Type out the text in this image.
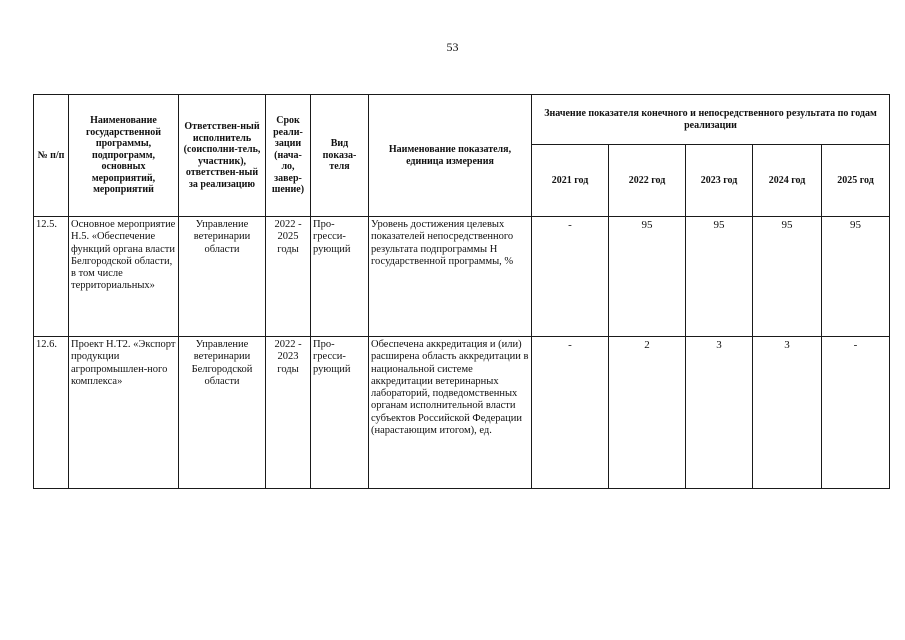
53
№ п/п	Наименование государственной программы, подпрограмм, основных мероприятий, мероприятий	Ответствен-ный исполнитель (соисполни-тель, участник), ответствен-ный за реализацию	Срок реали-зации (нача-ло, завер-шение)	Вид показа-теля	Наименование показателя, единица измерения	Значение показателя конечного и непосредственного результата по годам реализации				
						2021 год	2022 год	2023 год	2024 год	2025 год
12.5.	Основное мероприятие Н.5. «Обеспечение функций органа власти Белгородской области, в том числе территориальных»	Управление ветеринарии области	2022 - 2025 годы	Про-гресси-рующий	Уровень достижения целевых показателей непосредственного результата подпрограммы Н государственной программы, %	-	95	95	95	95
12.6.	Проект Н.Т2. «Экспорт продукции агропромышлен-ного комплекса»	Управление ветеринарии Белгородской области	2022 - 2023 годы	Про-гресси-рующий	Обеспечена аккредитация и (или) расширена область аккредитации в национальной системе аккредитации ветеринарных лабораторий, подведомственных органам исполнительной власти субъектов Российской Федерации (нарастающим итогом), ед.	-	2	3	3	-
